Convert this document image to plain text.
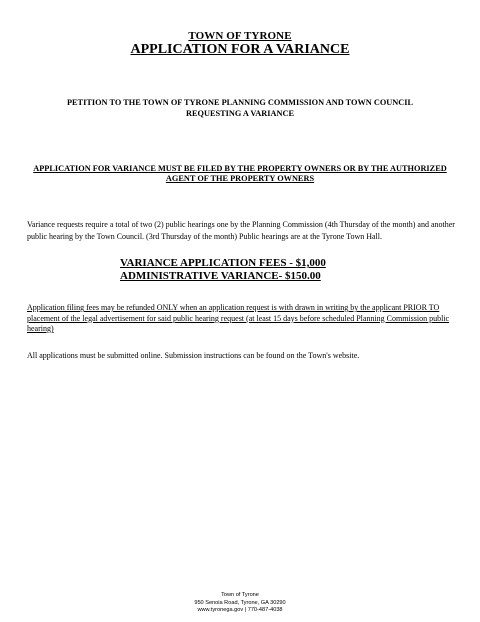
TOWN OF TYRONE
APPLICATION FOR A VARIANCE
PETITION TO THE TOWN OF TYRONE PLANNING COMMISSION AND TOWN COUNCIL REQUESTING A VARIANCE
APPLICATION FOR VARIANCE MUST BE FILED BY THE PROPERTY OWNERS OR BY THE AUTHORIZED AGENT OF THE PROPERTY OWNERS
Variance requests require a total of two (2) public hearings one by the Planning Commission (4th Thursday of the month) and another public hearing by the Town Council. (3rd Thursday of the month) Public hearings are at the Tyrone Town Hall.
VARIANCE APPLICATION FEES - $1,000
ADMINISTRATIVE VARIANCE- $150.00
Application filing fees may be refunded ONLY when an application request is with drawn in writing by the applicant PRIOR TO placement of the legal advertisement for said public hearing request (at least 15 days before scheduled Planning Commission public hearing)
All applications must be submitted online. Submission instructions can be found on the Town's website.
Town of Tyrone
950 Senoia Road, Tyrone, GA 30290
www.tyronega.gov | 770-487-4038
